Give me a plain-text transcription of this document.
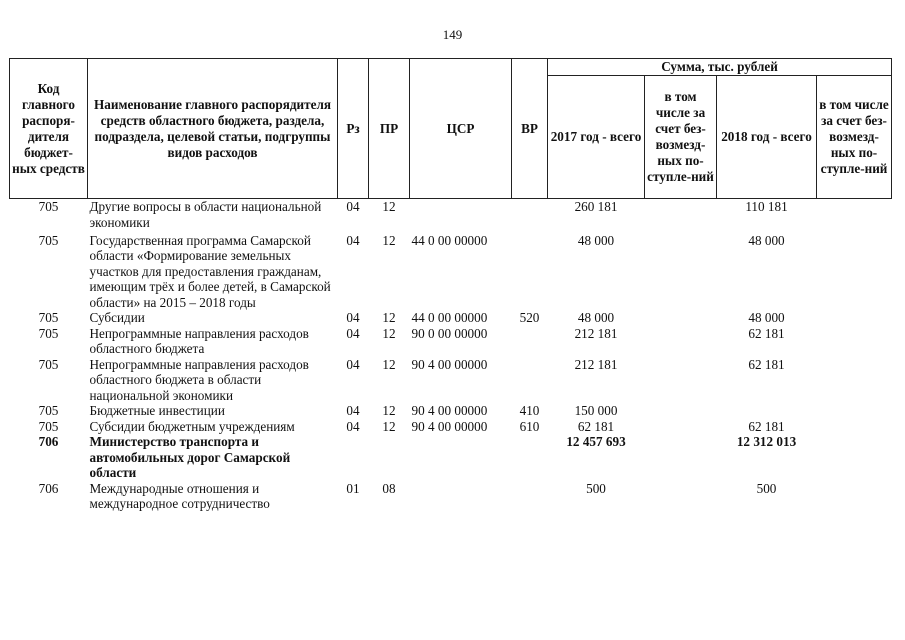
149
Код главного распоря-дителя бюджет-ных средств	Наименование главного распорядителя средств областного бюджета, раздела, подраздела, целевой статьи, подгруппы видов расходов	Рз	ПР	ЦСР	ВР	Сумма, тыс. рублей			
						2017 год - всего	в том числе за счет без-возмезд-ных по-ступле-ний	2018 год - всего	в том числе за счет без-возмезд-ных по-ступле-ний
705	Другие вопросы в области национальной экономики	04	12			260 181		110 181	
705	Государственная программа Самарской области «Формирование земельных участков для предоставления гражданам, имеющим трёх и более детей, в Самарской области» на 2015 – 2018 годы	04	12	44 0 00 00000		48 000		48 000	
705	Субсидии	04	12	44 0 00 00000	520	48 000		48 000	
705	Непрограммные направления расходов областного бюджета	04	12	90 0 00 00000		212 181		62 181	
705	Непрограммные направления расходов областного бюджета в области национальной экономики	04	12	90 4 00 00000		212 181		62 181	
705	Бюджетные инвестиции	04	12	90 4 00 00000	410	150 000			
705	Субсидии бюджетным учреждениям	04	12	90 4 00 00000	610	62 181		62 181	
706	Министерство транспорта и автомобильных дорог Самарской области					12 457 693		12 312 013	
706	Международные отношения и международное сотрудничество	01	08			500		500	
